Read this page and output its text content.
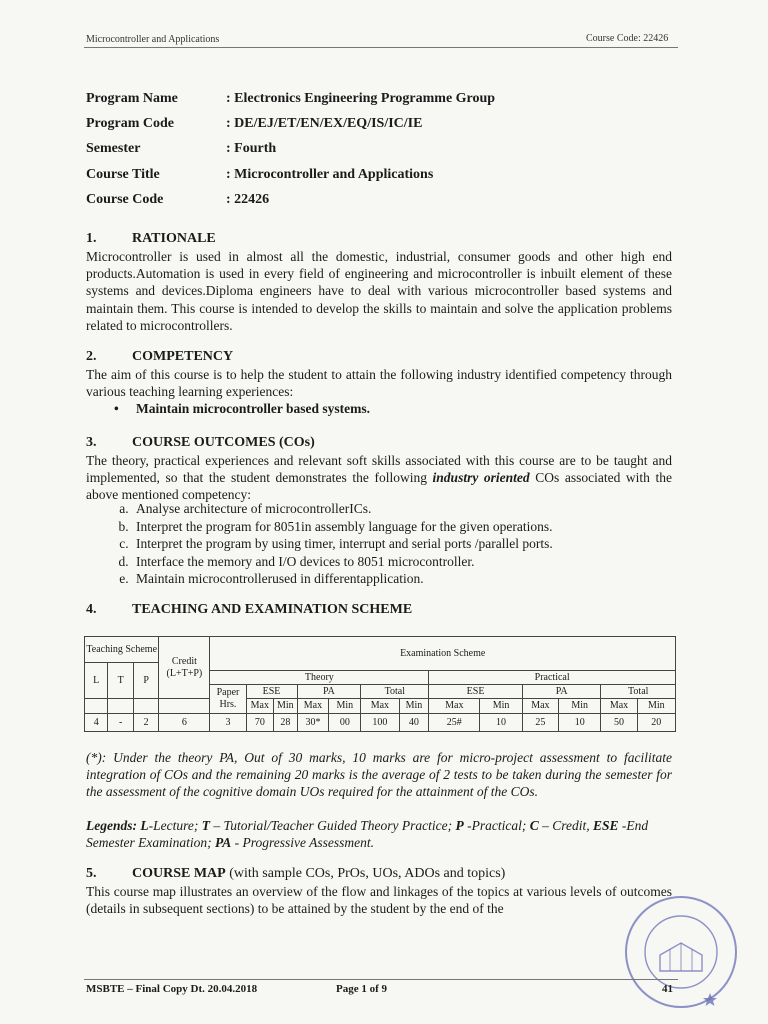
Microcontroller and Applications	Course Code: 22426
Program Name	: Electronics Engineering Programme Group
Program Code	: DE/EJ/ET/EN/EX/EQ/IS/IC/IE
Semester	: Fourth
Course Title	: Microcontroller and Applications
Course Code	: 22426
1.	RATIONALE
Microcontroller is used in almost all the domestic, industrial, consumer goods and other high end products.Automation is used in every field of engineering and microcontroller is inbuilt element of these systems and devices.Diploma engineers have to deal with various microcontroller based systems and maintain them. This course is intended to develop the skills to maintain and solve the application problems related to microcontrollers.
2.	COMPETENCY
The aim of this course is to help the student to attain the following industry identified competency through various teaching learning experiences:
• Maintain microcontroller based systems.
3.	COURSE OUTCOMES (COs)
The theory, practical experiences and relevant soft skills associated with this course are to be taught and implemented, so that the student demonstrates the following industry oriented COs associated with the above mentioned competency:
a. Analyse architecture of microcontrollerICs.
b. Interpret the program for 8051in assembly language for the given operations.
c. Interpret the program by using timer, interrupt and serial ports /parallel ports.
d. Interface the memory and I/O devices to 8051 microcontroller.
e. Maintain microcontrollerused in differentapplication.
4.	TEACHING AND EXAMINATION SCHEME
Teaching Scheme			Credit (L+T+P)	Examination Scheme												
L	T	P														
				Theory							Practical					
				Paper Hrs.	ESE		PA		Total		ESE		PA		Total	
					Max	Min	Max	Min	Max	Min	Max	Min	Max	Min	Max	Min
4	-	2	6	3	70	28	30*	00	100	40	25#	10	25	10	50	20
(*): Under the theory PA, Out of 30 marks, 10 marks are for micro-project assessment to facilitate integration of COs and the remaining 20 marks is the average of 2 tests to be taken during the semester for the assessment of the cognitive domain UOs required for the attainment of the COs.
Legends: L-Lecture; T – Tutorial/Teacher Guided Theory Practice; P -Practical; C – Credit, ESE -End Semester Examination; PA - Progressive Assessment.
5.	COURSE MAP (with sample COs, PrOs, UOs, ADOs and topics)
This course map illustrates an overview of the flow and linkages of the topics at various levels of outcomes (details in subsequent sections) to be attained by the student by the end of the
MSBTE – Final Copy Dt. 20.04.2018	Page 1 of 9	41
